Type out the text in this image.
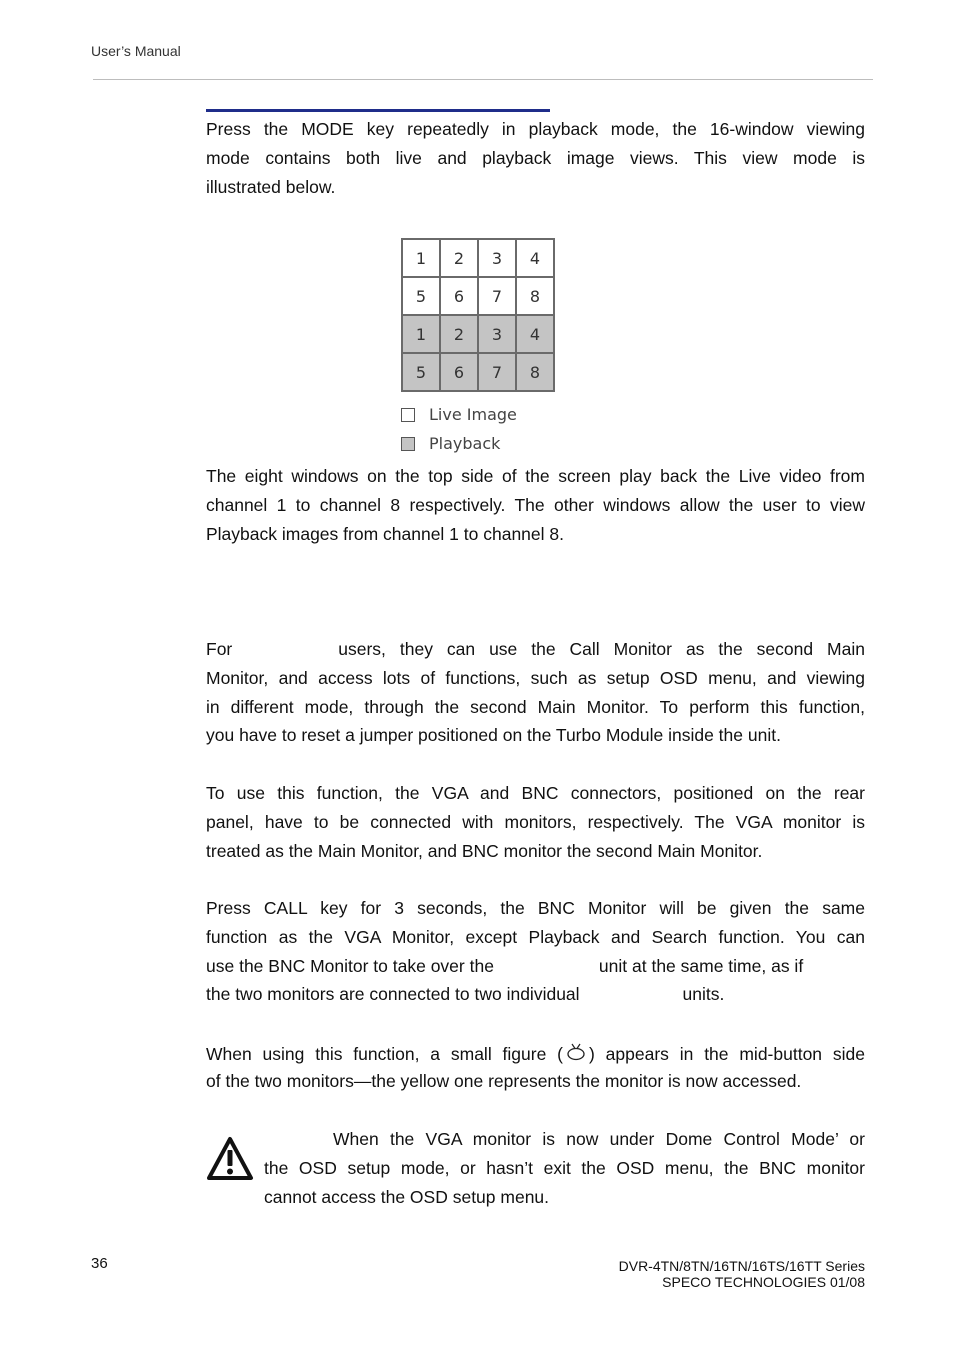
User’s Manual

Press the MODE key repeatedly in playback mode, the 16-window viewing
mode contains both live and playback image views. This view mode is
illustrated below.

1	2	3	4
5	6	7	8
1	2	3	4
5	6	7	8
Live Image
Playback

The eight windows on the top side of the screen play back the Live video from
channel 1 to channel 8 respectively. The other windows allow the user to view
Playback images from channel 1 to channel 8.

For	users, they can use the Call Monitor as the second Main
Monitor, and access lots of functions, such as setup OSD menu, and viewing
in different mode, through the second Main Monitor. To perform this function,
you have to reset a jumper positioned on the Turbo Module inside the unit.

To use this function, the VGA and BNC connectors, positioned on the rear
panel, have to be connected with monitors, respectively. The VGA monitor is
treated as the Main Monitor, and BNC monitor the second Main Monitor.

Press CALL key for 3 seconds, the BNC Monitor will be given the same
function as the VGA Monitor, except Playback and Search function. You can
use the BNC Monitor to take over the	unit at the same time, as if
the two monitors are connected to two individual	units.

When using this function, a small figure ( ) appears in the mid-button side
of the two monitors—the yellow one represents the monitor is now accessed.

When the VGA monitor is now under Dome Control Mode’ or
the OSD setup mode, or hasn’t exit the OSD menu, the BNC monitor
cannot access the OSD setup menu.

36	DVR-4TN/8TN/16TN/16TS/16TT Series
SPECO TECHNOLOGIES 01/08
